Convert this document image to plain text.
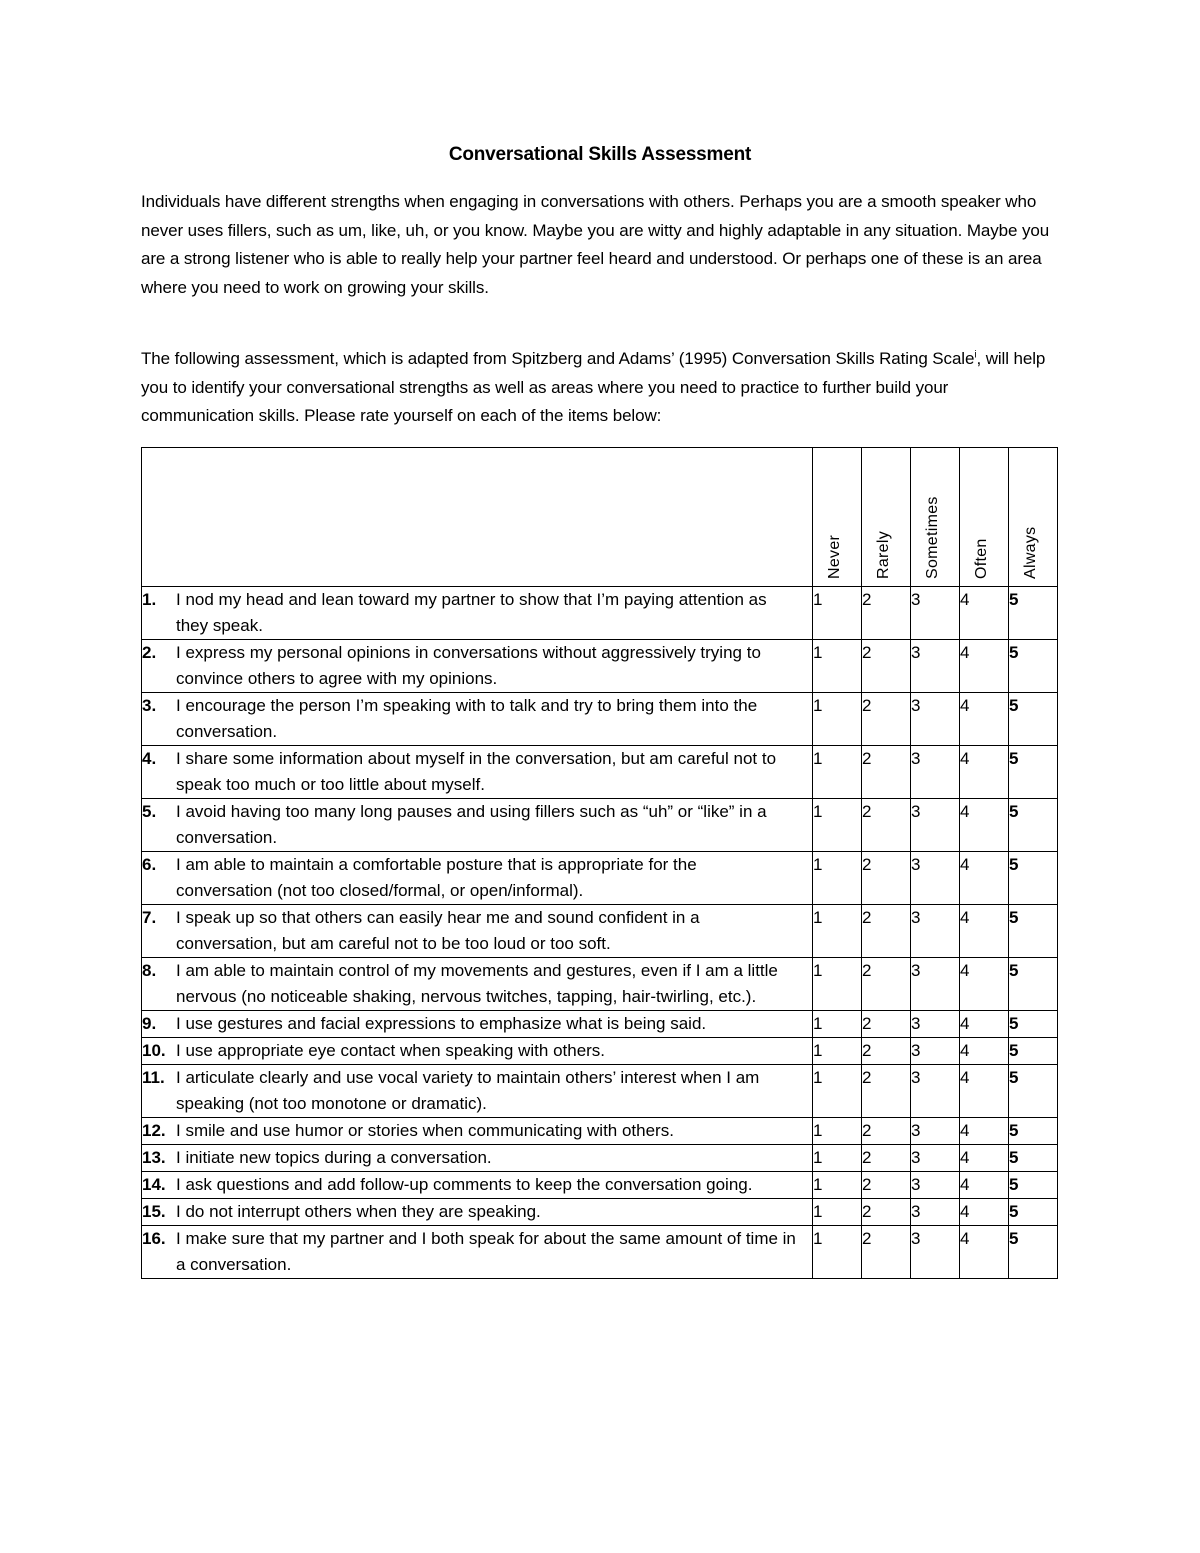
Conversational Skills Assessment

Individuals have different strengths when engaging in conversations with others. Perhaps you are a smooth speaker who never uses fillers, such as um, like, uh, or you know. Maybe you are witty and highly adaptable in any situation. Maybe you are a strong listener who is able to really help your partner feel heard and understood. Or perhaps one of these is an area where you need to work on growing your skills.

The following assessment, which is adapted from Spitzberg and Adams’ (1995) Conversation Skills Rating Scale$^i$, will help you to identify your conversational strengths as well as areas where you need to practice to further build your communication skills. Please rate yourself on each of the items below:

	Never	Rarely	Sometimes	Often	Always

1. I nod my head and lean toward my partner to show that I’m paying attention as they speak.	1	2	3	4	5
2. I express my personal opinions in conversations without aggressively trying to convince others to agree with my opinions.	1	2	3	4	5
3. I encourage the person I’m speaking with to talk and try to bring them into the conversation.	1	2	3	4	5
4. I share some information about myself in the conversation, but am careful not to speak too much or too little about myself.	1	2	3	4	5
5. I avoid having too many long pauses and using fillers such as “uh” or “like” in a conversation.	1	2	3	4	5
6. I am able to maintain a comfortable posture that is appropriate for the conversation (not too closed/formal, or open/informal).	1	2	3	4	5
7. I speak up so that others can easily hear me and sound confident in a conversation, but am careful not to be too loud or too soft.	1	2	3	4	5
8. I am able to maintain control of my movements and gestures, even if I am a little nervous (no noticeable shaking, nervous twitches, tapping, hair-twirling, etc.).	1	2	3	4	5
9. I use gestures and facial expressions to emphasize what is being said.	1	2	3	4	5
10. I use appropriate eye contact when speaking with others.	1	2	3	4	5
11. I articulate clearly and use vocal variety to maintain others’ interest when I am speaking (not too monotone or dramatic).	1	2	3	4	5
12. I smile and use humor or stories when communicating with others.	1	2	3	4	5
13. I initiate new topics during a conversation.	1	2	3	4	5
14. I ask questions and add follow-up comments to keep the conversation going.	1	2	3	4	5
15. I do not interrupt others when they are speaking.	1	2	3	4	5
16. I make sure that my partner and I both speak for about the same amount of time in a conversation.	1	2	3	4	5
